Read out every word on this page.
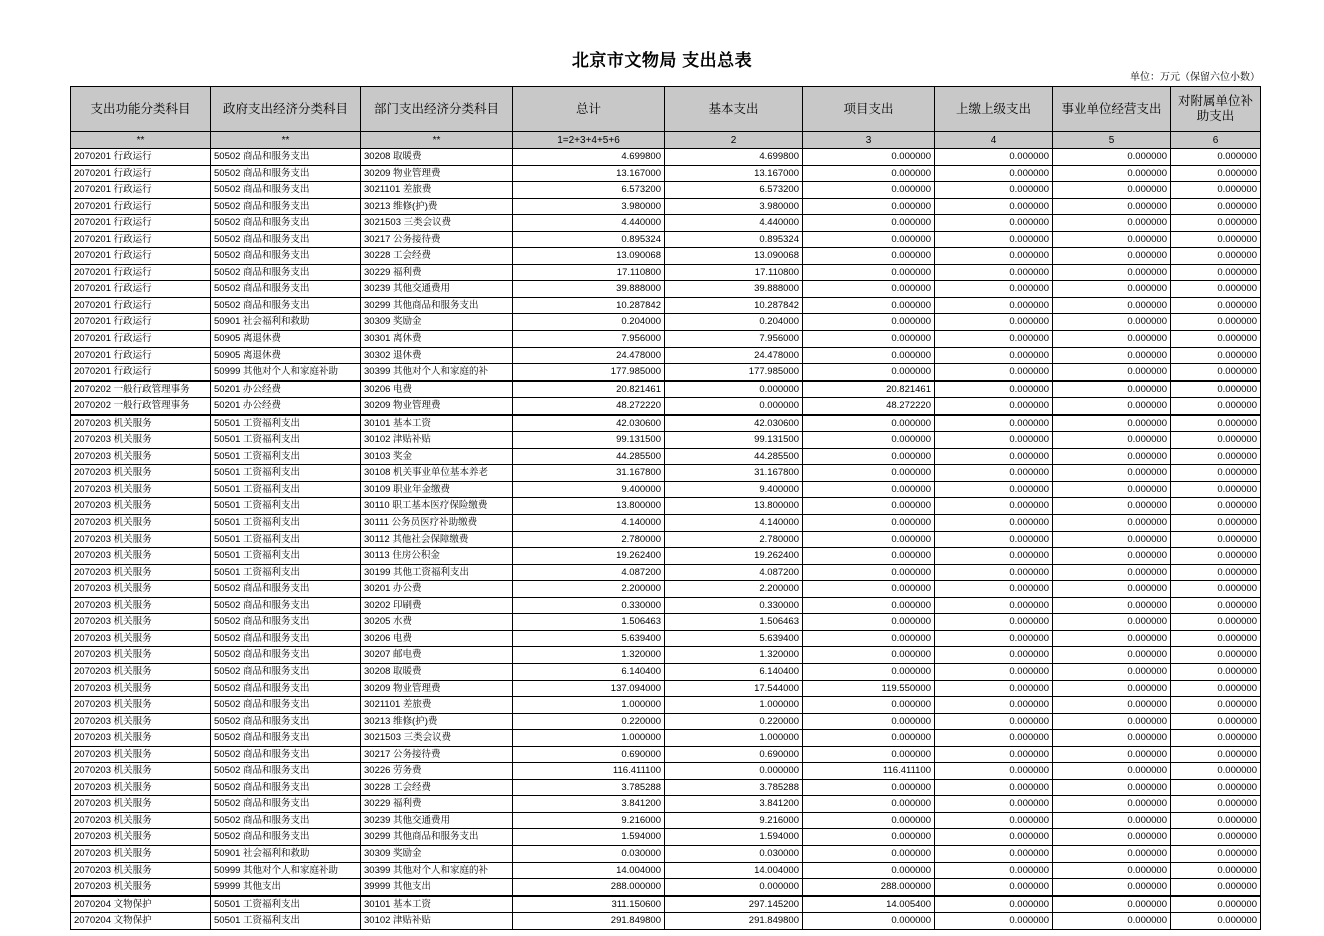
北京市文物局 支出总表
单位：万元（保留六位小数）
支出功能分类科目	政府支出经济分类科目	部门支出经济分类科目	总计	基本支出	项目支出	上缴上级支出	事业单位经营支出	对附属单位补助支出
**	**	**	1=2+3+4+5+6	2	3	4	5	6
2070201 行政运行	50502 商品和服务支出	30208 取暖费	4.699800	4.699800	0.000000	0.000000	0.000000	0.000000
2070201 行政运行	50502 商品和服务支出	30209 物业管理费	13.167000	13.167000	0.000000	0.000000	0.000000	0.000000
2070201 行政运行	50502 商品和服务支出	3021101 差旅费	6.573200	6.573200	0.000000	0.000000	0.000000	0.000000
2070201 行政运行	50502 商品和服务支出	30213 维修(护)费	3.980000	3.980000	0.000000	0.000000	0.000000	0.000000
2070201 行政运行	50502 商品和服务支出	3021503 三类会议费	4.440000	4.440000	0.000000	0.000000	0.000000	0.000000
2070201 行政运行	50502 商品和服务支出	30217 公务接待费	0.895324	0.895324	0.000000	0.000000	0.000000	0.000000
2070201 行政运行	50502 商品和服务支出	30228 工会经费	13.090068	13.090068	0.000000	0.000000	0.000000	0.000000
2070201 行政运行	50502 商品和服务支出	30229 福利费	17.110800	17.110800	0.000000	0.000000	0.000000	0.000000
2070201 行政运行	50502 商品和服务支出	30239 其他交通费用	39.888000	39.888000	0.000000	0.000000	0.000000	0.000000
2070201 行政运行	50502 商品和服务支出	30299 其他商品和服务支出	10.287842	10.287842	0.000000	0.000000	0.000000	0.000000
2070201 行政运行	50901 社会福利和救助	30309 奖励金	0.204000	0.204000	0.000000	0.000000	0.000000	0.000000
2070201 行政运行	50905 离退休费	30301 离休费	7.956000	7.956000	0.000000	0.000000	0.000000	0.000000
2070201 行政运行	50905 离退休费	30302 退休费	24.478000	24.478000	0.000000	0.000000	0.000000	0.000000
2070201 行政运行	50999 其他对个人和家庭补助	30399 其他对个人和家庭的补	177.985000	177.985000	0.000000	0.000000	0.000000	0.000000
2070202 一般行政管理事务	50201 办公经费	30206 电费	20.821461	0.000000	20.821461	0.000000	0.000000	0.000000
2070202 一般行政管理事务	50201 办公经费	30209 物业管理费	48.272220	0.000000	48.272220	0.000000	0.000000	0.000000
2070203 机关服务	50501 工资福利支出	30101 基本工资	42.030600	42.030600	0.000000	0.000000	0.000000	0.000000
2070203 机关服务	50501 工资福利支出	30102 津贴补贴	99.131500	99.131500	0.000000	0.000000	0.000000	0.000000
2070203 机关服务	50501 工资福利支出	30103 奖金	44.285500	44.285500	0.000000	0.000000	0.000000	0.000000
2070203 机关服务	50501 工资福利支出	30108 机关事业单位基本养老	31.167800	31.167800	0.000000	0.000000	0.000000	0.000000
2070203 机关服务	50501 工资福利支出	30109 职业年金缴费	9.400000	9.400000	0.000000	0.000000	0.000000	0.000000
2070203 机关服务	50501 工资福利支出	30110 职工基本医疗保险缴费	13.800000	13.800000	0.000000	0.000000	0.000000	0.000000
2070203 机关服务	50501 工资福利支出	30111 公务员医疗补助缴费	4.140000	4.140000	0.000000	0.000000	0.000000	0.000000
2070203 机关服务	50501 工资福利支出	30112 其他社会保障缴费	2.780000	2.780000	0.000000	0.000000	0.000000	0.000000
2070203 机关服务	50501 工资福利支出	30113 住房公积金	19.262400	19.262400	0.000000	0.000000	0.000000	0.000000
2070203 机关服务	50501 工资福利支出	30199 其他工资福利支出	4.087200	4.087200	0.000000	0.000000	0.000000	0.000000
2070203 机关服务	50502 商品和服务支出	30201 办公费	2.200000	2.200000	0.000000	0.000000	0.000000	0.000000
2070203 机关服务	50502 商品和服务支出	30202 印刷费	0.330000	0.330000	0.000000	0.000000	0.000000	0.000000
2070203 机关服务	50502 商品和服务支出	30205 水费	1.506463	1.506463	0.000000	0.000000	0.000000	0.000000
2070203 机关服务	50502 商品和服务支出	30206 电费	5.639400	5.639400	0.000000	0.000000	0.000000	0.000000
2070203 机关服务	50502 商品和服务支出	30207 邮电费	1.320000	1.320000	0.000000	0.000000	0.000000	0.000000
2070203 机关服务	50502 商品和服务支出	30208 取暖费	6.140400	6.140400	0.000000	0.000000	0.000000	0.000000
2070203 机关服务	50502 商品和服务支出	30209 物业管理费	137.094000	17.544000	119.550000	0.000000	0.000000	0.000000
2070203 机关服务	50502 商品和服务支出	3021101 差旅费	1.000000	1.000000	0.000000	0.000000	0.000000	0.000000
2070203 机关服务	50502 商品和服务支出	30213 维修(护)费	0.220000	0.220000	0.000000	0.000000	0.000000	0.000000
2070203 机关服务	50502 商品和服务支出	3021503 三类会议费	1.000000	1.000000	0.000000	0.000000	0.000000	0.000000
2070203 机关服务	50502 商品和服务支出	30217 公务接待费	0.690000	0.690000	0.000000	0.000000	0.000000	0.000000
2070203 机关服务	50502 商品和服务支出	30226 劳务费	116.411100	0.000000	116.411100	0.000000	0.000000	0.000000
2070203 机关服务	50502 商品和服务支出	30228 工会经费	3.785288	3.785288	0.000000	0.000000	0.000000	0.000000
2070203 机关服务	50502 商品和服务支出	30229 福利费	3.841200	3.841200	0.000000	0.000000	0.000000	0.000000
2070203 机关服务	50502 商品和服务支出	30239 其他交通费用	9.216000	9.216000	0.000000	0.000000	0.000000	0.000000
2070203 机关服务	50502 商品和服务支出	30299 其他商品和服务支出	1.594000	1.594000	0.000000	0.000000	0.000000	0.000000
2070203 机关服务	50901 社会福利和救助	30309 奖励金	0.030000	0.030000	0.000000	0.000000	0.000000	0.000000
2070203 机关服务	50999 其他对个人和家庭补助	30399 其他对个人和家庭的补	14.004000	14.004000	0.000000	0.000000	0.000000	0.000000
2070203 机关服务	59999 其他支出	39999 其他支出	288.000000	0.000000	288.000000	0.000000	0.000000	0.000000
2070204 文物保护	50501 工资福利支出	30101 基本工资	311.150600	297.145200	14.005400	0.000000	0.000000	0.000000
2070204 文物保护	50501 工资福利支出	30102 津贴补贴	291.849800	291.849800	0.000000	0.000000	0.000000	0.000000
